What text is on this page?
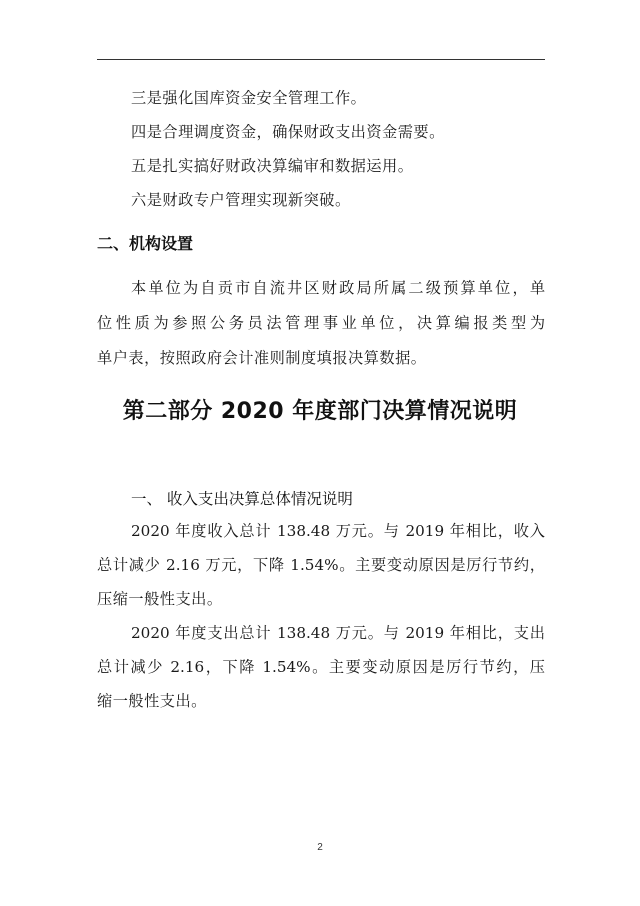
三是强化国库资金安全管理工作。
四是合理调度资金，确保财政支出资金需要。
五是扎实搞好财政决算编审和数据运用。
六是财政专户管理实现新突破。
二、机构设置
本单位为自贡市自流井区财政局所属二级预算单位，单
位性质为参照公务员法管理事业单位，决算编报类型为
单户表，按照政府会计准则制度填报决算数据。
第二部分 2020 年度部门决算情况说明
一、 收入支出决算总体情况说明
2020 年度收入总计 138.48 万元。与 2019 年相比，收入
总计减少 2.16 万元，下降 1.54%。主要变动原因是厉行节约，
压缩一般性支出。
2020 年度支出总计 138.48 万元。与 2019 年相比，支出
总计减少 2.16，下降 1.54%。主要变动原因是厉行节约，压
缩一般性支出。
2
